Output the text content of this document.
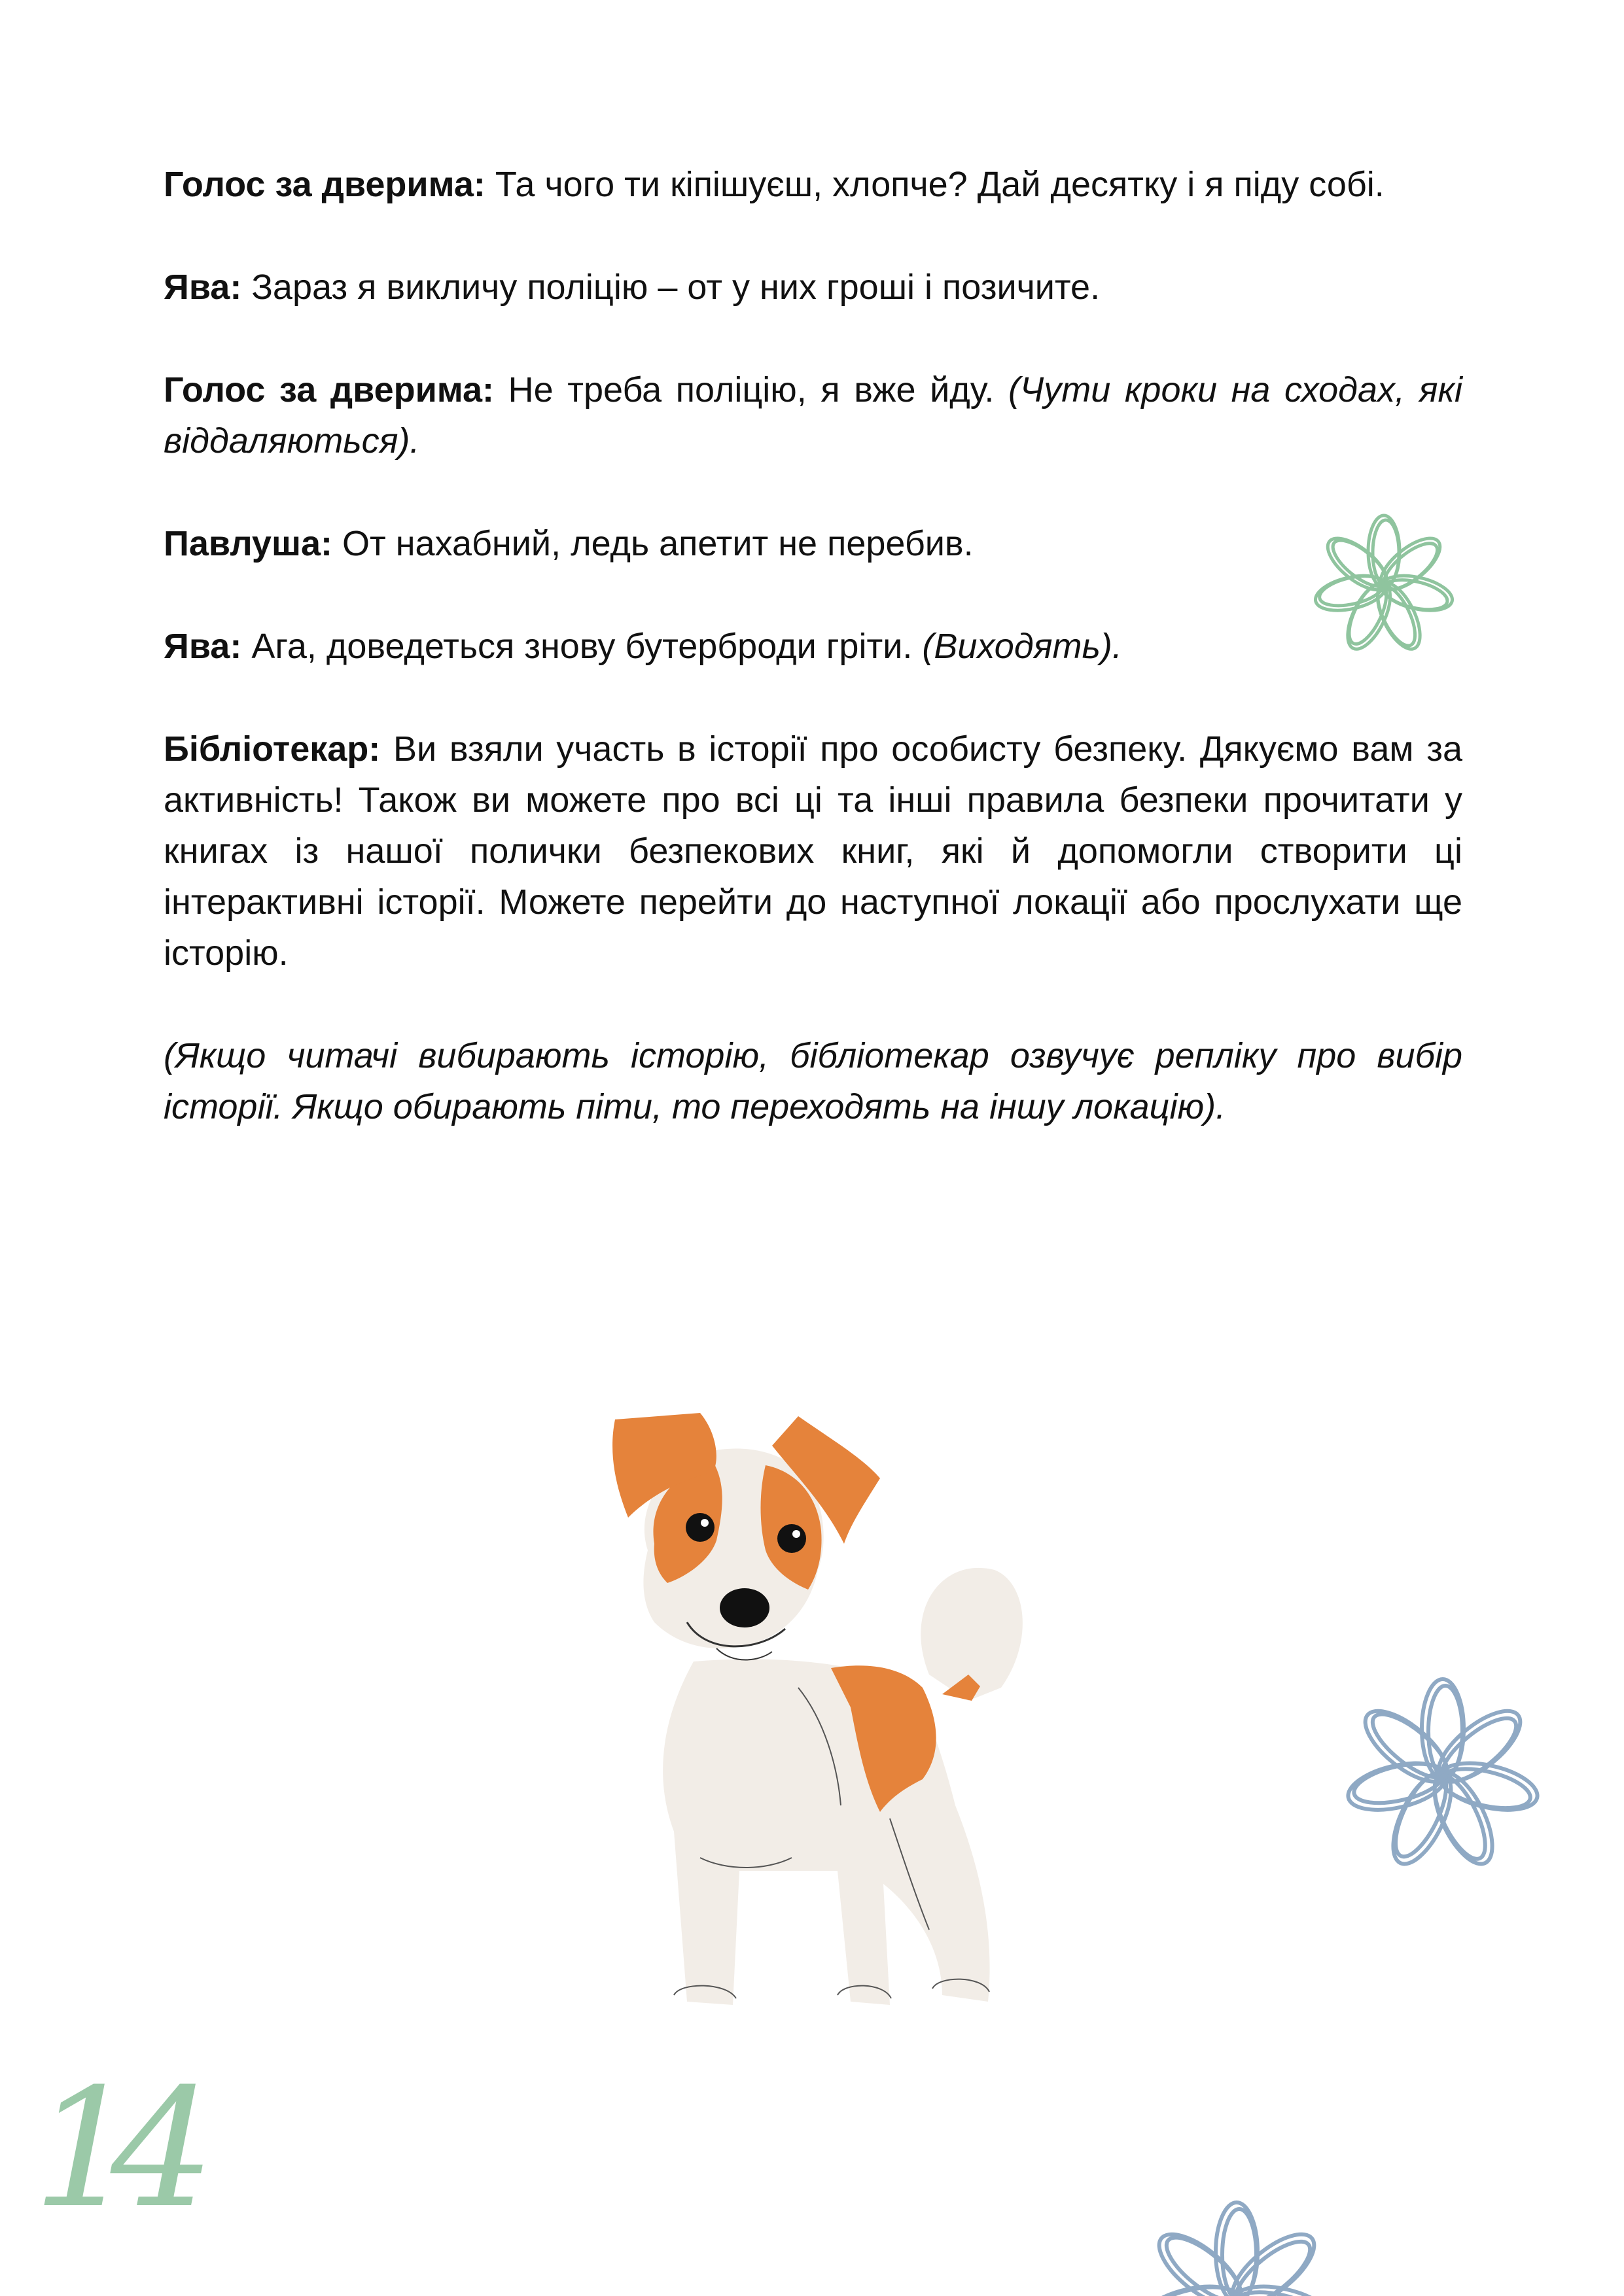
Голос за дверима: Та чого ти кіпішуєш, хлопче? Дай десятку і я піду собі.

Ява: Зараз я викличу поліцію – от у них гроші і позичите.

Голос за дверима: Не треба поліцію, я вже йду. (Чути кроки на сходах, які віддаляються).

Павлуша: От нахабний, ледь апетит не перебив.

Ява: Ага, доведеться знову бутерброди гріти. (Виходять).

Бібліотекар: Ви взяли участь в історії про особисту безпеку. Дякуємо вам за активність! Також ви можете про всі ці та інші правила безпеки прочитати у книгах із нашої полички безпекових книг, які й допомогли створити ці інтерактивні історії. Можете перейти до наступної локації або прослухати ще історію.

(Якщо читачі вибирають історію, бібліотекар озвучує репліку про вибір історії. Якщо обирають піти, то переходять на іншу локацію).

14
